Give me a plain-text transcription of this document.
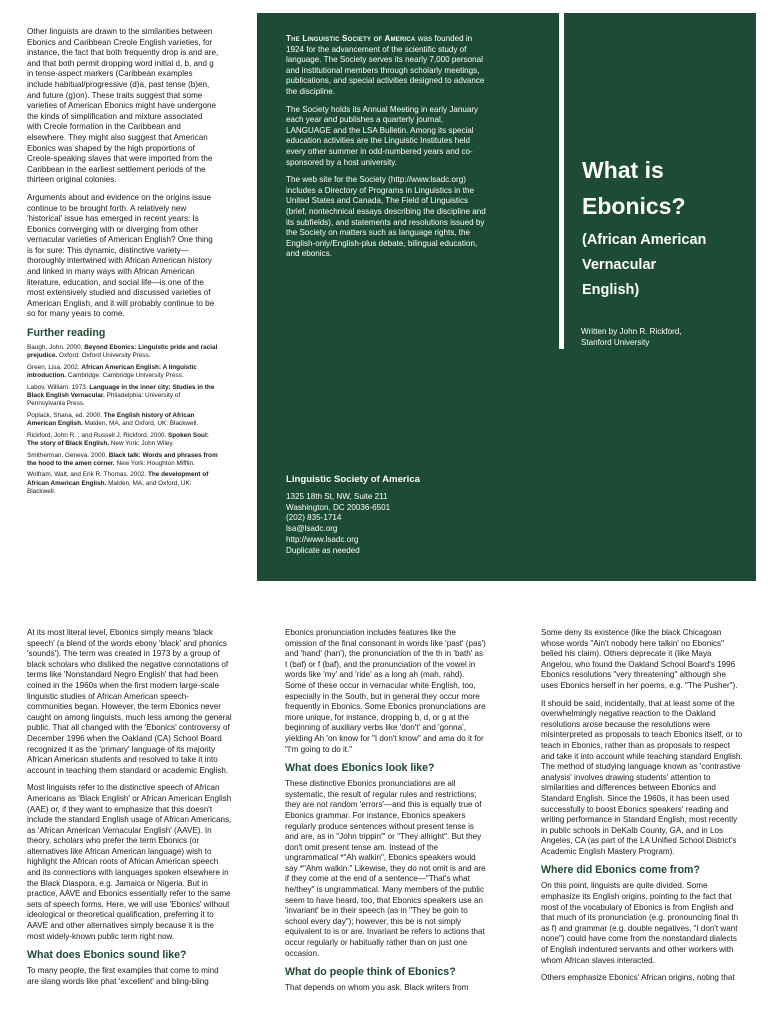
Other linguists are drawn to the similarities between Ebonics and Caribbean Creole English varieties, for instance, the fact that both frequently drop is and are, and that both permit dropping word initial d, b, and g in tense-aspect markers (Caribbean examples include habitual/progressive (d)a, past tense (b)en, and future (g)on). These traits suggest that some varieties of American Ebonics might have undergone the kinds of simplification and mixture associated with Creole formation in the Caribbean and elsewhere. They might also suggest that American Ebonics was shaped by the high proportions of Creole-speaking slaves that were imported from the Caribbean in the earliest settlement periods of the thirteen original colonies.

Arguments about and evidence on the origins issue continue to be brought forth. A relatively new 'historical' issue has emerged in recent years: Is Ebonics converging with or diverging from other vernacular varieties of American English? One thing is for sure: This dynamic, distinctive variety—thoroughly intertwined with African American history and linked in many ways with African American literature, education, and social life—is one of the most extensively studied and discussed varieties of American English, and it will probably continue to be so for many years to come.

Further reading

Baugh, John. 2000. Beyond Ebonics: Linguistic pride and racial prejudice. Oxford: Oxford University Press.

Green, Lisa. 2002. African American English: A linguistic introduction. Cambridge: Cambridge University Press.

Labov, William. 1973. Language in the inner city: Studies in the Black English Vernacular. Philadelphia: University of Pennsylvania Press.

Poplack, Shana, ed. 2000. The English history of African American English. Malden, MA, and Oxford, UK: Blackwell.

Rickford, John R. , and Russell J. Rickford. 2000. Spoken Soul: The story of Black English. New York: John Wiley.

Smitherman, Geneva. 2000. Black talk: Words and phrases from the hood to the amen corner. New York: Houghton Mifflin.

Wolfram, Walt, and Erik R. Thomas. 2002. The development of African American English. Malden, MA, and Oxford, UK: Blackwell.

The Linguistic Society of America was founded in 1924 for the advancement of the scientific study of language. The Society serves its nearly 7,000 personal and institutional members through scholarly meetings, publications, and special activities designed to advance the discipline.

The Society holds its Annual Meeting in early January each year and publishes a quarterly journal, LANGUAGE and the LSA Bulletin. Among its special education activities are the Linguistic Institutes held every other summer in odd-numbered years and co-sponsored by a host university.

The web site for the Society (http://www.lsadc.org) includes a Directory of Programs in Linguistics in the United States and Canada, The Field of Linguistics (brief, nontechnical essays describing the discipline and its subfields), and statements and resolutions issued by the Society on matters such as language rights, the English-only/English-plus debate, bilingual education, and ebonics.

What is
Ebonics?
(African American
Vernacular
English)
Written by John R. Rickford,
Stanford University
Linguistic Society of America
1325 18th St, NW, Suite 211
Washington, DC 20036-6501
(202) 835-1714
lsa@lsadc.org
http://www.lsadc.org
Duplicate as needed

At its most literal level, Ebonics simply means 'black speech' (a blend of the words ebony 'black' and phonics 'sounds'). The term was created in 1973 by a group of black scholars who disliked the negative connotations of terms like 'Nonstandard Negro English' that had been coined in the 1960s when the first modern large-scale linguistic studies of African American speech-communities began. However, the term Ebonics never caught on among linguists, much less among the general public. That all changed with the 'Ebonics' controversy of December 1996 when the Oakland (CA) School Board recognized it as the 'primary' language of its majority African American students and resolved to take it into account in teaching them standard or academic English.

Most linguists refer to the distinctive speech of African Americans as 'Black English' or African American English (AAE) or, if they want to emphasize that this doesn't include the standard English usage of African Americans, as 'African American Vernacular English' (AAVE). In theory, scholars who prefer the term Ebonics (or alternatives like African American language) wish to highlight the African roots of African American speech and its connections with languages spoken elsewhere in the Black Diaspora, e.g. Jamaica or Nigeria. But in practice, AAVE and Ebonics essentially refer to the same sets of speech forms. Here, we will use 'Ebonics' without ideological or theoretical qualification, preferring it to AAVE and other alternatives simply because it is the most widely-known public term right now.

What does Ebonics sound like?

To many people, the first examples that come to mind are slang words like phat 'excellent' and bling-bling

Ebonics pronunciation includes features like the omission of the final consonant in words like 'past' (pas') and 'hand' (han'), the pronunciation of the th in 'bath' as t (baf) or f (baf), and the pronunciation of the vowel in words like 'my' and 'ride' as a long ah (mah, rahd). Some of these occur in vernacular white English, too, especially in the South, but in general they occur more frequently in Ebonics. Some Ebonics pronunciations are more unique, for instance, dropping b, d, or g at the beginning of auxiliary verbs like 'don't' and 'gonna', yielding Ah 'on know for "I don't know" and ama do it for "I'm going to do it."

What does Ebonics look like?

These distinctive Ebonics pronunciations are all systematic, the result of regular rules and restrictions; they are not random 'errors'—and this is equally true of Ebonics grammar. For instance, Ebonics speakers regularly produce sentences without present tense is and are, as in "John trippin'" or "They allright". But they don't omit present tense am. Instead of the ungrammatical *"Ah walkin", Ebonics speakers would say *"Ahm walkin." Likewise, they do not omit is and are if they come at the end of a sentence—"That's what he/they" is ungrammatical. Many members of the public seem to have heard, too, that Ebonics speakers use an 'invariant' be in their speech (as in "They be goin to school every day"); however, this be is not simply equivalent to is or are. Invariant be refers to actions that occur regularly or habitually rather than on just one occasion.

What do people think of Ebonics?

That depends on whom you ask. Black writers from

Some deny its existence (like the black Chicagoan whose words "Ain't nobody here talkin' no Ebonics" belied his claim). Others deprecate it (like Maya Angelou, who found the Oakland School Board's 1996 Ebonics resolutions "very threatening" although she uses Ebonics herself in her poems, e.g. "The Pusher").

It should be said, incidentally, that at least some of the overwhelmingly negative reaction to the Oakland resolutions arose because the resolutions were misinterpreted as proposals to teach Ebonics itself, or to teach in Ebonics, rather than as proposals to respect and take it into account while teaching standard English. The method of studying language known as 'contrastive analysis' involves drawing students' attention to similarities and differences between Ebonics and Standard English. Since the 1960s, it has been used successfully to boost Ebonics speakers' reading and writing performance in Standard English, most recently in public schools in DeKalb County, GA, and in Los Angeles, CA (as part of the LA Unified School District's Academic English Mastery Program).

Where did Ebonics come from?

On this point, linguists are quite divided. Some emphasize its English origins, pointing to the fact that most of the vocabulary of Ebonics is from English and that much of its pronunciation (e.g. pronouncing final th as f) and grammar (e.g. double negatives, "I don't want none") could have come from the nonstandard dialects of English indentured servants and other workers with whom African slaves interacted.

Others emphasize Ebonics' African origins, noting that
